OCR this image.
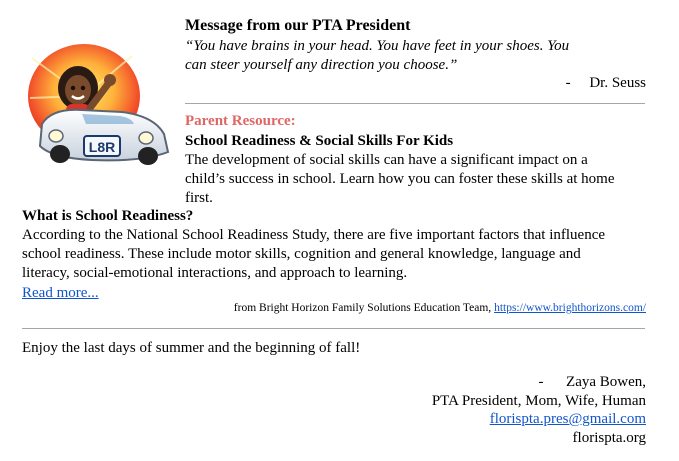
L8R
Message from our PTA President
“You have brains in your head. You have feet in your shoes. You
can steer yourself any direction you choose.”
-     Dr. Seuss
Parent Resource:
School Readiness & Social Skills For Kids
The development of social skills can have a significant impact on a
child’s success in school. Learn how you can foster these skills at home
first.
What is School Readiness?
According to the National School Readiness Study, there are five important factors that influence
school readiness. These include motor skills, cognition and general knowledge, language and
literacy, social-emotional interactions, and approach to learning.
Read more...
from Bright Horizon Family Solutions Education Team, https://www.brighthorizons.com/
Enjoy the last days of summer and the beginning of fall!
-      Zaya Bowen,
PTA President, Mom, Wife, Human
florispta.pres@gmail.com
florispta.org
